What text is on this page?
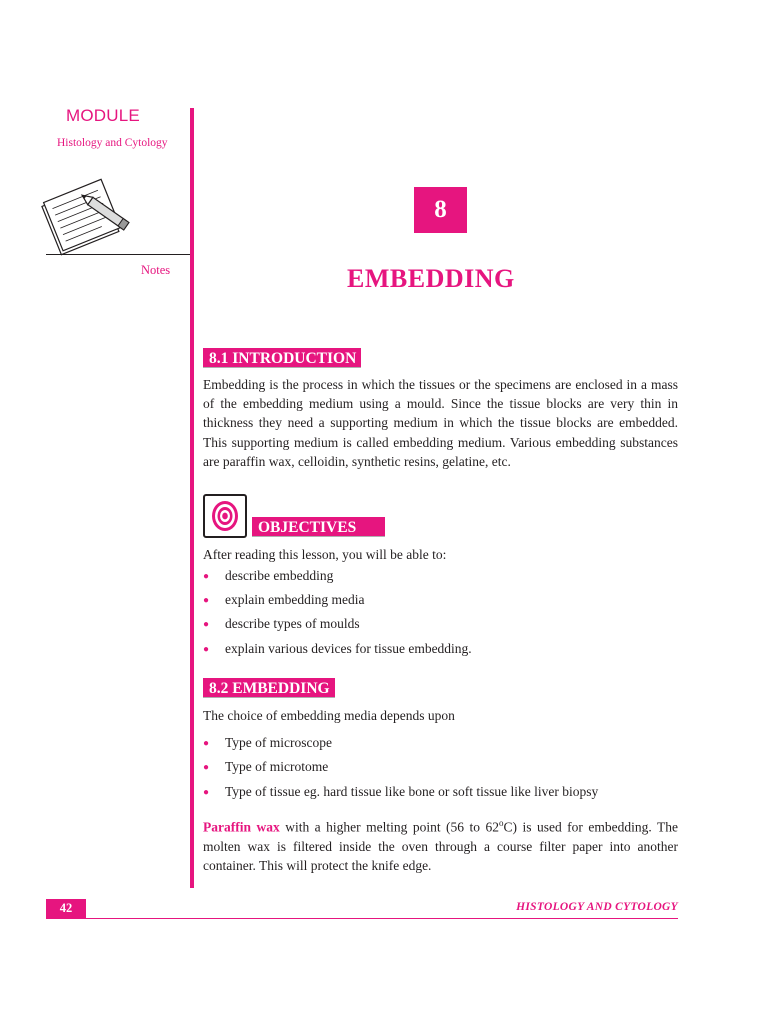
MODULE
Histology and Cytology
Notes
8
EMBEDDING
8.1 INTRODUCTION
Embedding is the process in which the tissues or the specimens are enclosed in a mass of the embedding medium using a mould. Since the tissue blocks are very thin in thickness they need a supporting medium in which the tissue blocks are embedded. This supporting medium is called embedding medium. Various embedding substances are paraffin wax, celloidin, synthetic resins, gelatine, etc.
OBJECTIVES
After reading this lesson, you will be able to:
● describe embedding
● explain embedding media
● describe types of moulds
● explain various devices for tissue embedding.
8.2 EMBEDDING
The choice of embedding media depends upon
● Type of microscope
● Type of microtome
● Type of tissue eg. hard tissue like bone or soft tissue like liver biopsy
Paraffin wax with a higher melting point (56 to 62$^o$C) is used for embedding. The molten wax is filtered inside the oven through a course filter paper into another container. This will protect the knife edge.
42	HISTOLOGY AND CYTOLOGY
